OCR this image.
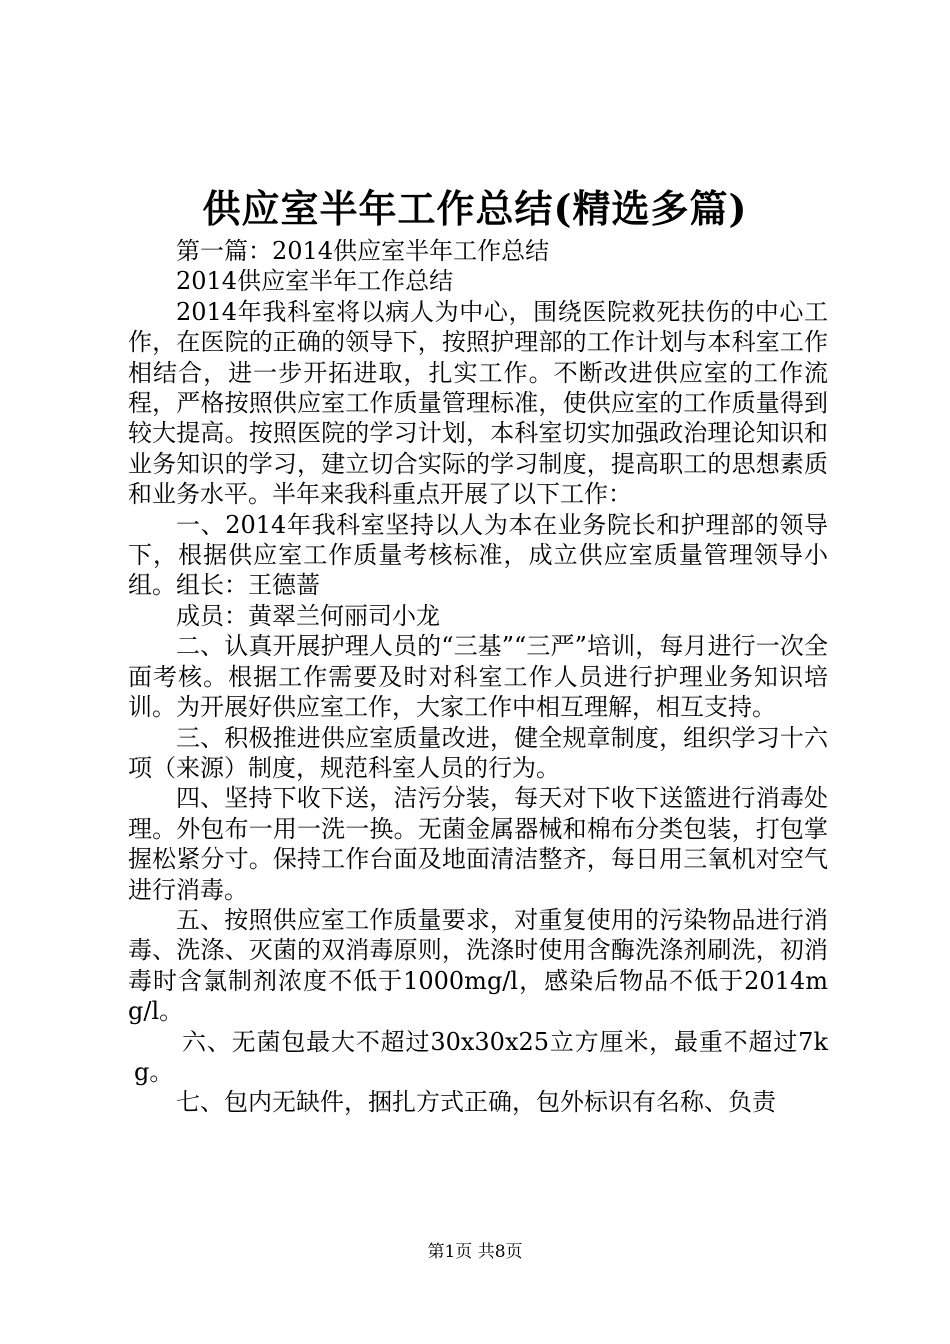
供应室半年工作总结(精选多篇)

第一篇：2014供应室半年工作总结

2014供应室半年工作总结

2014年我科室将以病人为中心，围绕医院救死扶伤的中心工作，在医院的正确的领导下，按照护理部的工作计划与本科室工作相结合，进一步开拓进取，扎实工作。不断改进供应室的工作流程，严格按照供应室工作质量管理标准，使供应室的工作质量得到较大提高。按照医院的学习计划，本科室切实加强政治理论知识和业务知识的学习，建立切合实际的学习制度，提高职工的思想素质和业务水平。半年来我科重点开展了以下工作：

一、2014年我科室坚持以人为本在业务院长和护理部的领导下，根据供应室工作质量考核标准，成立供应室质量管理领导小组。组长：王德蔷

成员：黄翠兰何丽司小龙

二、认真开展护理人员的“三基”“三严”培训，每月进行一次全面考核。根据工作需要及时对科室工作人员进行护理业务知识培训。为开展好供应室工作，大家工作中相互理解，相互支持。

三、积极推进供应室质量改进，健全规章制度，组织学习十六项（来源）制度，规范科室人员的行为。

四、坚持下收下送，洁污分装，每天对下收下送篮进行消毒处理。外包布一用一洗一换。无菌金属器械和棉布分类包装，打包掌握松紧分寸。保持工作台面及地面清洁整齐，每日用三氧机对空气进行消毒。

五、按照供应室工作质量要求，对重复使用的污染物品进行消毒、洗涤、灭菌的双消毒原则，洗涤时使用含酶洗涤剂刷洗，初消毒时含氯制剂浓度不低于1000mg/l，感染后物品不低于2014mg/l。

六、无菌包最大不超过30x30x25立方厘米，最重不超过7kg。

七、包内无缺件，捆扎方式正确，包外标识有名称、负责

第1页 共8页
